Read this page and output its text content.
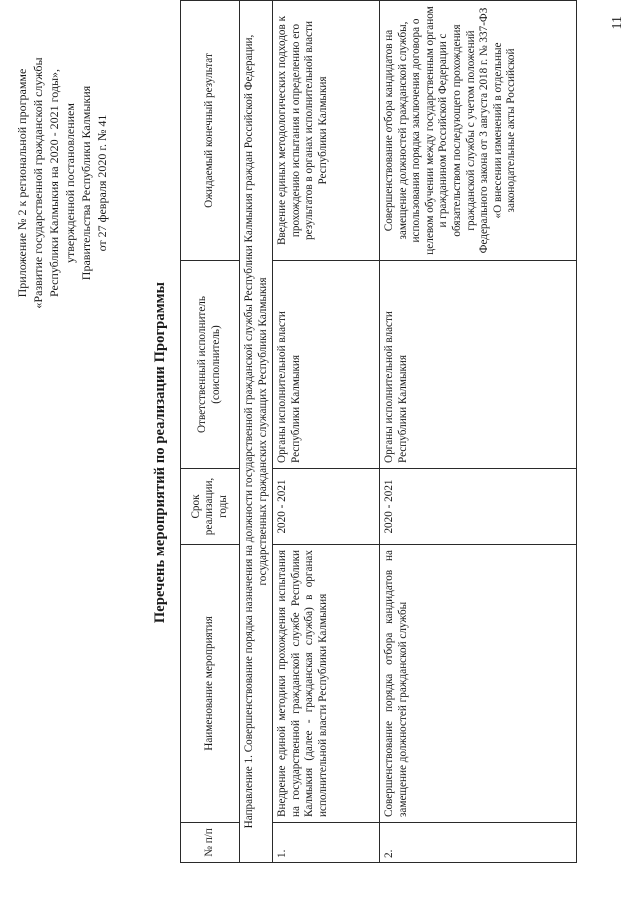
Приложение № 2 к региональной программе «Развитие государственной гражданской службы Республики Калмыкия на 2020 - 2021 годы», утвержденной постановлением Правительства Республики Калмыкия от 27 февраля 2020 г. № 41
Перечень мероприятий по реализации Программы
№ п/п	Наименование мероприятия	Срок реализации, годы	Ответственный исполнитель (соисполнитель)	Ожидаемый конечный результат
Направление 1. Совершенствование порядка назначения на должности государственной гражданской службы Республики Калмыкия граждан Российской Федерации, государственных гражданских служащих Республики Калмыкия				
1.	Внедрение единой методики прохождения испытания на государственной гражданской службе Республики Калмыкия (далее - гражданская служба) в органах исполнительной власти Республики Калмыкия	2020 - 2021	Органы исполнительной власти Республики Калмыкия	Введение единых методологических подходов к прохождению испытания и определению его результатов в органах исполнительной власти Республики Калмыкия
2.	Совершенствование порядка отбора кандидатов на замещение должностей гражданской службы	2020 - 2021	Органы исполнительной власти Республики Калмыкия	Совершенствование отбора кандидатов на замещение должностей гражданской службы, использования порядка заключения договора о целевом обучении между государственным органом и гражданином Российской Федерации с обязательством последующего прохождения гражданской службы с учетом положений Федерального закона от 3 августа 2018 г. № 337-ФЗ «О внесении изменений в отдельные законодательные акты Российской
11
